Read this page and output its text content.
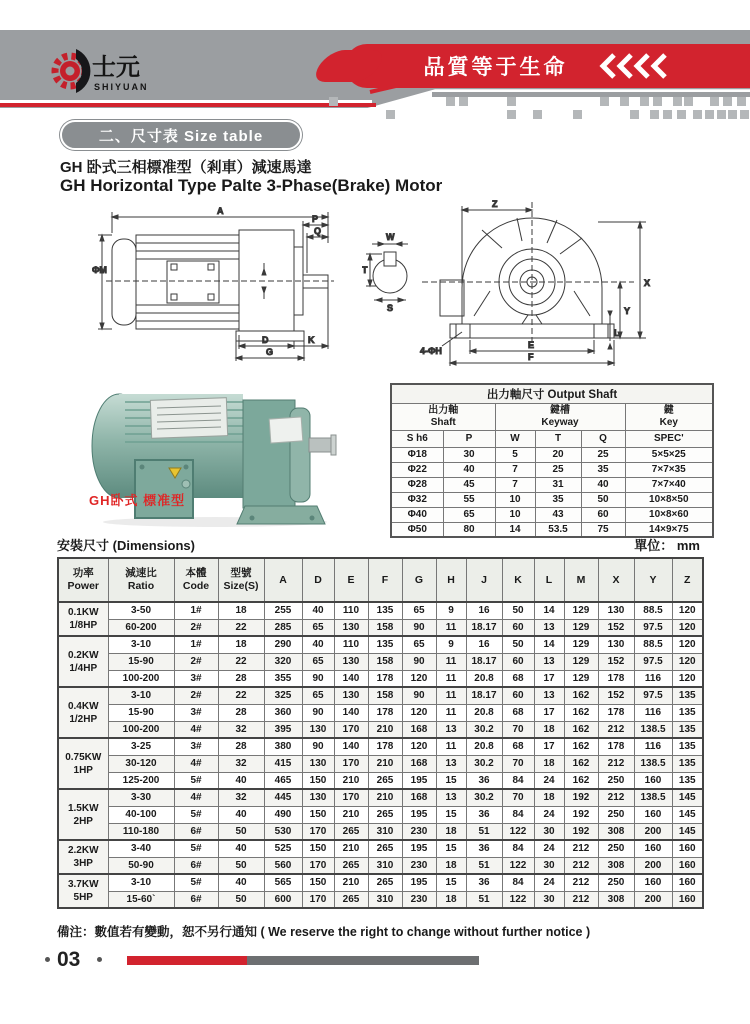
士元
SHIYUAN
品質等于生命
二、尺寸表 Size table
GH 卧式三相標准型（剎車）減速馬達
GH Horizontal Type Palte 3-Phase(Brake) Motor
A
ΦM
P
Q
D	K
G
W
T
S
Z
X
Y
L
E
F
4-ΦH
GH卧式 標准型
出力軸尺寸 Output Shaft					

出力軸
Shaft

鍵槽
Keyway

鍵
Key

S h6	P	W	T	Q	SPEC'
Φ18	30	5	20	25	5×5×25
Φ22	40	7	25	35	7×7×35
Φ28	45	7	31	40	7×7×40
Φ32	55	10	35	50	10×8×50
Φ40	65	10	43	60	10×8×60
Φ50	80	14	53.5	75	14×9×75
安裝尺寸 (Dimensions)	單位： mm
功率
Power

減速比
Ratio

本體
Code

型號
Size(S)
	A	D	E	F	G	H	J	K	L	M	X	Y	Z

0.1KW
1/8HP	3-50	1#	18	255	40	110	135	65	9	16	50	14	129	130	88.5	120
	60-200	2#	22	285	65	130	158	90	11	18.17	60	13	129	152	97.5	120

0.2KW
1/4HP	3-10	1#	18	290	40	110	135	65	9	16	50	14	129	130	88.5	120
	15-90	2#	22	320	65	130	158	90	11	18.17	60	13	129	152	97.5	120
	100-200	3#	28	355	90	140	178	120	11	20.8	68	17	129	178	116	120

0.4KW
1/2HP	3-10	2#	22	325	65	130	158	90	11	18.17	60	13	162	152	97.5	135
	15-90	3#	28	360	90	140	178	120	11	20.8	68	17	162	178	116	135
	100-200	4#	32	395	130	170	210	168	13	30.2	70	18	162	212	138.5	135

0.75KW
1HP	3-25	3#	28	380	90	140	178	120	11	20.8	68	17	162	178	116	135
	30-120	4#	32	415	130	170	210	168	13	30.2	70	18	162	212	138.5	135
	125-200	5#	40	465	150	210	265	195	15	36	84	24	162	250	160	135

1.5KW
2HP	3-30	4#	32	445	130	170	210	168	13	30.2	70	18	192	212	138.5	145
	40-100	5#	40	490	150	210	265	195	15	36	84	24	192	250	160	145
	110-180	6#	50	530	170	265	310	230	18	51	122	30	192	308	200	145

2.2KW
3HP	3-40	5#	40	525	150	210	265	195	15	36	84	24	212	250	160	160
	50-90	6#	50	560	170	265	310	230	18	51	122	30	212	308	200	160

3.7KW
5HP	3-10	5#	40	565	150	210	265	195	15	36	84	24	212	250	160	160
	15-60`	6#	50	600	170	265	310	230	18	51	122	30	212	308	200	160
備注：數值若有變動，恕不另行通知 ( We reserve the right to change without further notice )
03
